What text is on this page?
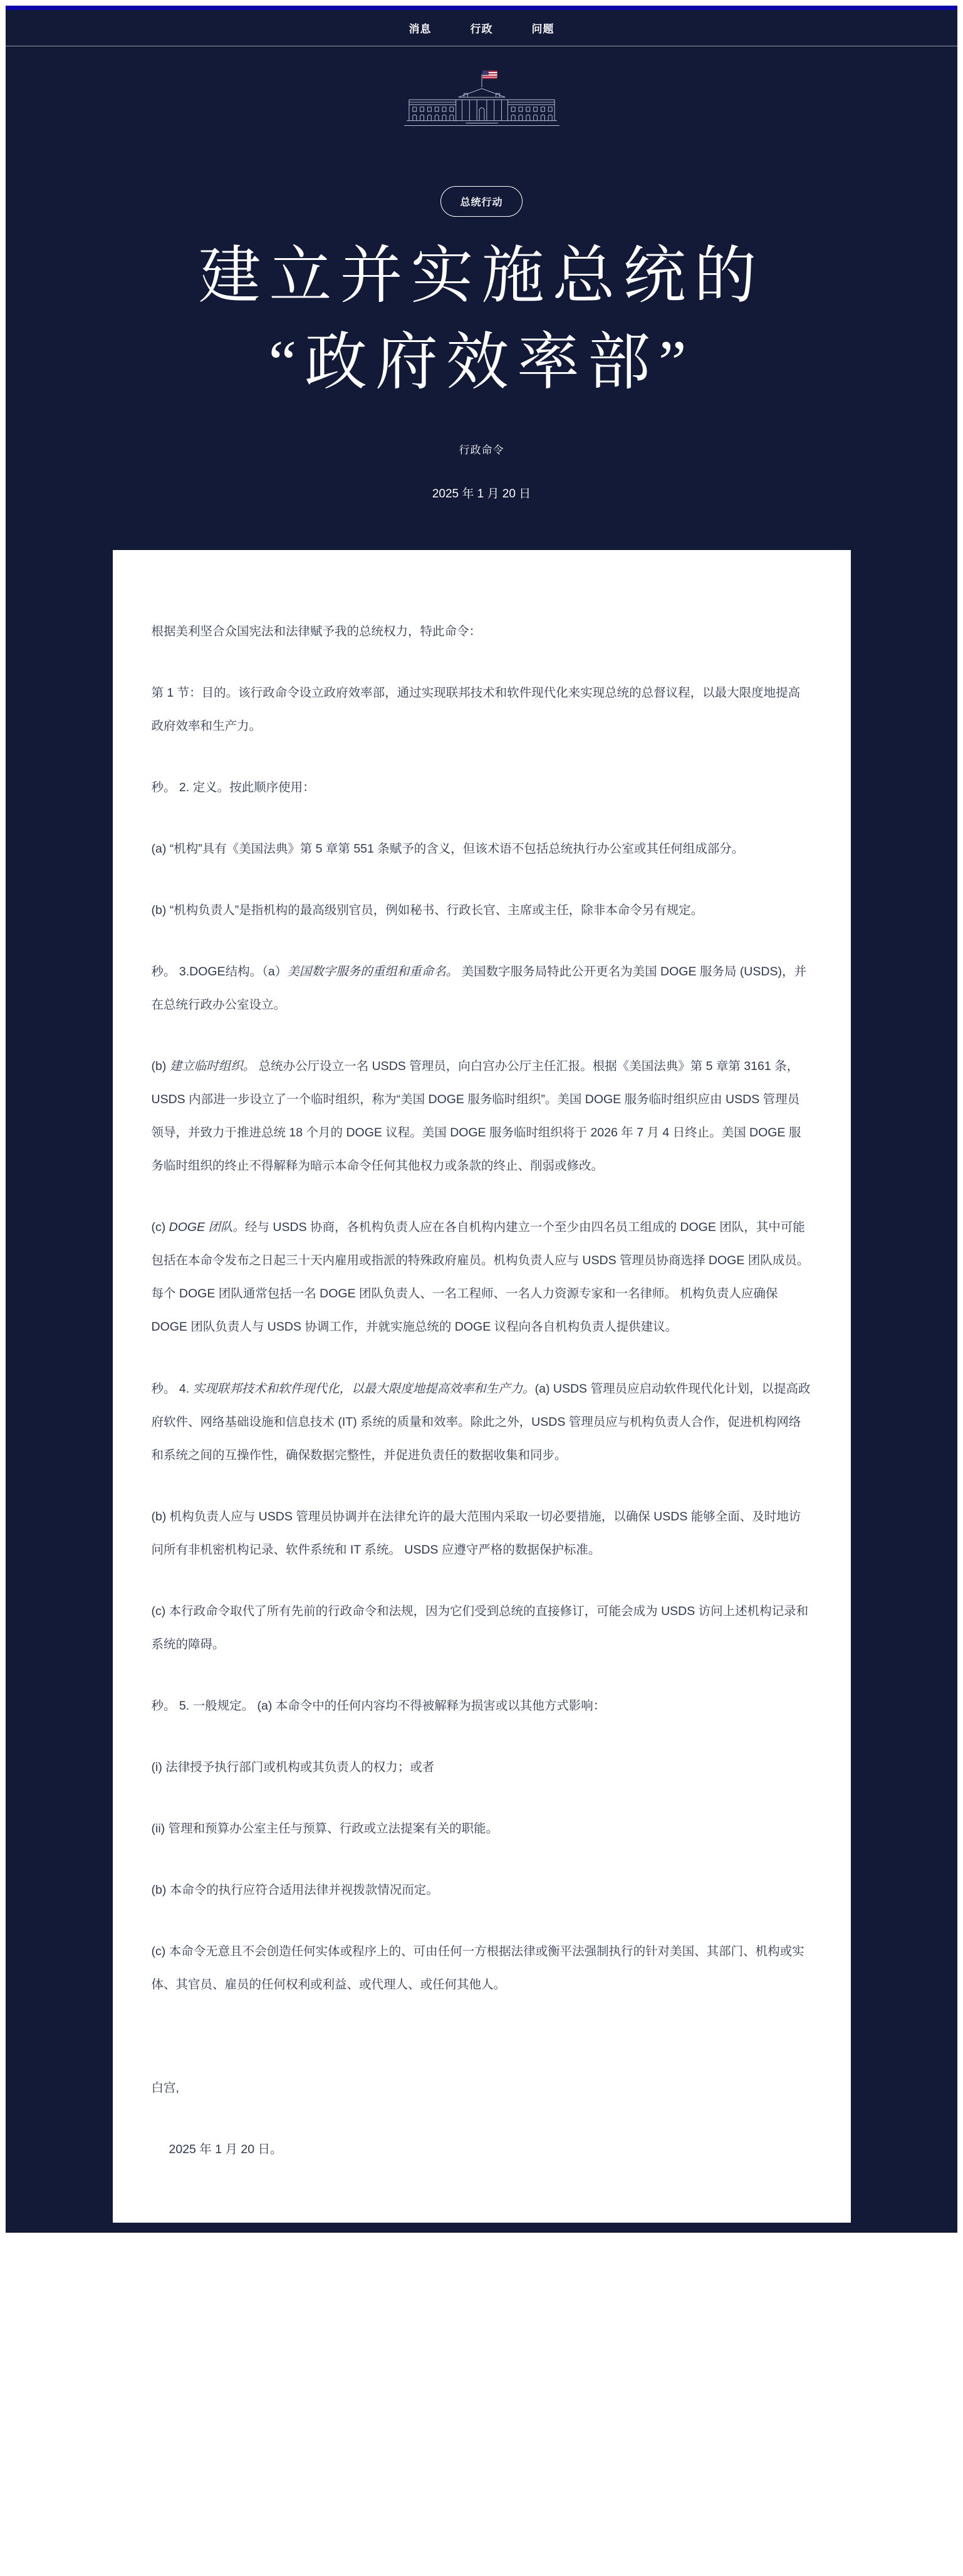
消息	行政	问题
总统行动
建立并实施总统的
“政府效率部”
行政命令
2025 年 1 月 20 日

根据美利坚合众国宪法和法律赋予我的总统权力，特此命令：

第 1 节：目的。该行政命令设立政府效率部，通过实现联邦技术和软件现代化来实现总统的总督议程，以最大限度地提高政府效率和生产力。

秒。 2. 定义。按此顺序使用：

(a) “机构”具有《美国法典》第 5 章第 551 条赋予的含义，但该术语不包括总统执行办公室或其任何组成部分。

(b) “机构负责人”是指机构的最高级别官员，例如秘书、行政长官、主席或主任，除非本命令另有规定。

秒。 3.DOGE结构。（a）美国数字服务的重组和重命名。 美国数字服务局特此公开更名为美国 DOGE 服务局 (USDS)，并在总统行政办公室设立。

(b) 建立临时组织。 总统办公厅设立一名 USDS 管理员，向白宫办公厅主任汇报。根据《美国法典》第 5 章第 3161 条，USDS 内部进一步设立了一个临时组织，称为“美国 DOGE 服务临时组织”。美国 DOGE 服务临时组织应由 USDS 管理员领导，并致力于推进总统 18 个月的 DOGE 议程。美国 DOGE 服务临时组织将于 2026 年 7 月 4 日终止。美国 DOGE 服务临时组织的终止不得解释为暗示本命令任何其他权力或条款的终止、削弱或修改。

(c) DOGE 团队。经与 USDS 协商，各机构负责人应在各自机构内建立一个至少由四名员工组成的 DOGE 团队，其中可能包括在本命令发布之日起三十天内雇用或指派的特殊政府雇员。机构负责人应与 USDS 管理员协商选择 DOGE 团队成员。每个 DOGE 团队通常包括一名 DOGE 团队负责人、一名工程师、一名人力资源专家和一名律师。 机构负责人应确保 DOGE 团队负责人与 USDS 协调工作，并就实施总统的 DOGE 议程向各自机构负责人提供建议。

秒。 4. 实现联邦技术和软件现代化，以最大限度地提高效率和生产力。(a) USDS 管理员应启动软件现代化计划，以提高政府软件、网络基础设施和信息技术 (IT) 系统的质量和效率。除此之外，USDS 管理员应与机构负责人合作，促进机构网络和系统之间的互操作性，确保数据完整性，并促进负责任的数据收集和同步。

(b) 机构负责人应与 USDS 管理员协调并在法律允许的最大范围内采取一切必要措施，以确保 USDS 能够全面、及时地访问所有非机密机构记录、软件系统和 IT 系统。 USDS 应遵守严格的数据保护标准。

(c) 本行政命令取代了所有先前的行政命令和法规，因为它们受到总统的直接修订，可能会成为 USDS 访问上述机构记录和系统的障碍。

秒。 5. 一般规定。 (a) 本命令中的任何内容均不得被解释为损害或以其他方式影响：

(i) 法律授予执行部门或机构或其负责人的权力；或者

(ii) 管理和预算办公室主任与预算、行政或立法提案有关的职能。

(b) 本命令的执行应符合适用法律并视拨款情况而定。

(c) 本命令无意且不会创造任何实体或程序上的、可由任何一方根据法律或衡平法强制执行的针对美国、其部门、机构或实体、其官员、雇员的任何权利或利益、或代理人、或任何其他人。

白宫,

2025 年 1 月 20 日。
